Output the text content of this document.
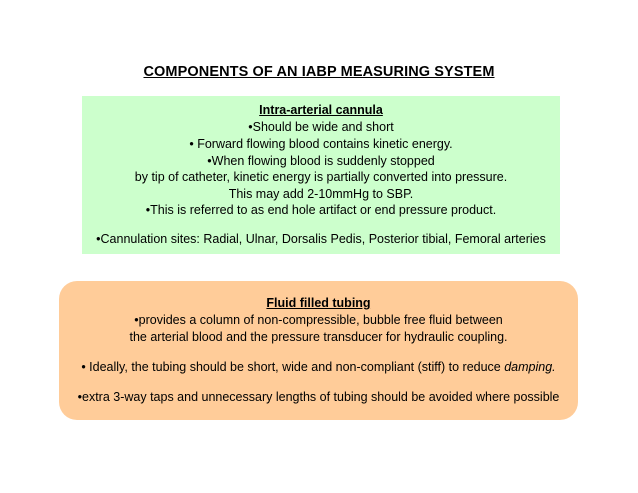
COMPONENTS OF AN IABP MEASURING SYSTEM
Intra-arterial cannula
•Should be wide and short
• Forward flowing blood contains kinetic energy.
•When flowing blood is suddenly stopped
by tip of catheter, kinetic energy is partially converted into pressure.
This may add 2-10mmHg to SBP.
•This is referred to as end hole artifact or end pressure product.
•Cannulation sites: Radial, Ulnar, Dorsalis Pedis, Posterior tibial, Femoral arteries
Fluid filled tubing
•provides a column of non-compressible, bubble free fluid between
the arterial blood and the pressure transducer for hydraulic coupling.
• Ideally, the tubing should be short, wide and non-compliant (stiff) to reduce damping.
•extra 3-way taps and unnecessary lengths of tubing should be avoided where possible
